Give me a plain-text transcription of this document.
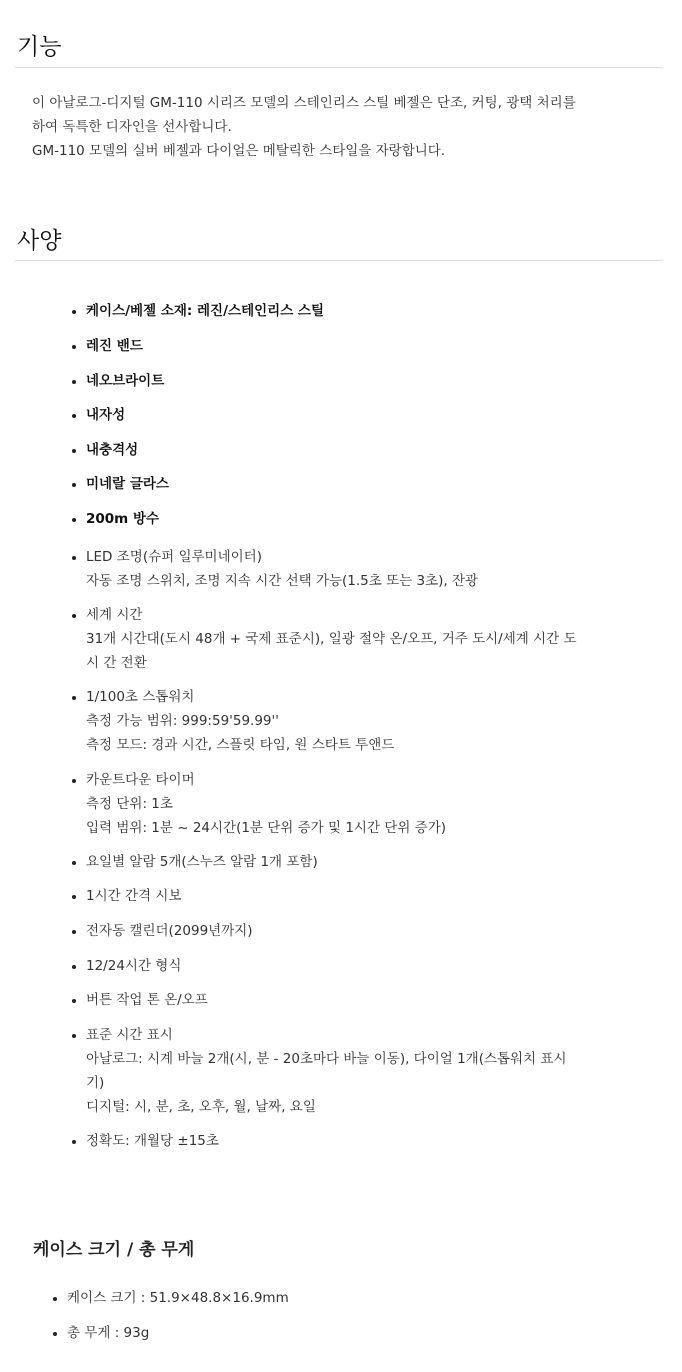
기능

이 아날로그-디지털 GM-110 시리즈 모델의 스테인리스 스틸 베젤은 단조, 커팅, 광택 처리를
하여 독특한 디자인을 선사합니다.

GM-110 모델의 실버 베젤과 다이얼은 메탈릭한 스타일을 자랑합니다.

사양
케이스/베젤 소재: 레진/스테인리스 스틸
레진 밴드
네오브라이트
내자성
내충격성
미네랄 글라스
200m 방수
LED 조명(슈퍼 일루미네이터)
자동 조명 스위치, 조명 지속 시간 선택 가능(1.5초 또는 3초), 잔광
세계 시간
31개 시간대(도시 48개 + 국제 표준시), 일광 절약 온/오프, 거주 도시/세계 시간 도
시 간 전환
1/100초 스톱워치
측정 가능 범위: 999:59'59.99''
측정 모드: 경과 시간, 스플릿 타임, 원 스타트 투앤드
카운트다운 타이머
측정 단위: 1초
입력 범위: 1분 ~ 24시간(1분 단위 증가 및 1시간 단위 증가)
요일별 알람 5개(스누즈 알람 1개 포함)
1시간 간격 시보
전자동 캘린더(2099년까지)
12/24시간 형식
버튼 작업 톤 온/오프
표준 시간 표시
아날로그: 시계 바늘 2개(시, 분 - 20초마다 바늘 이동), 다이얼 1개(스톱워치 표시
기)
디지털: 시, 분, 초, 오후, 월, 날짜, 요일
정확도: 개월당 ±15초
케이스 크기 / 총 무게
케이스 크기 : 51.9×48.8×16.9mm
총 무게 : 93g
